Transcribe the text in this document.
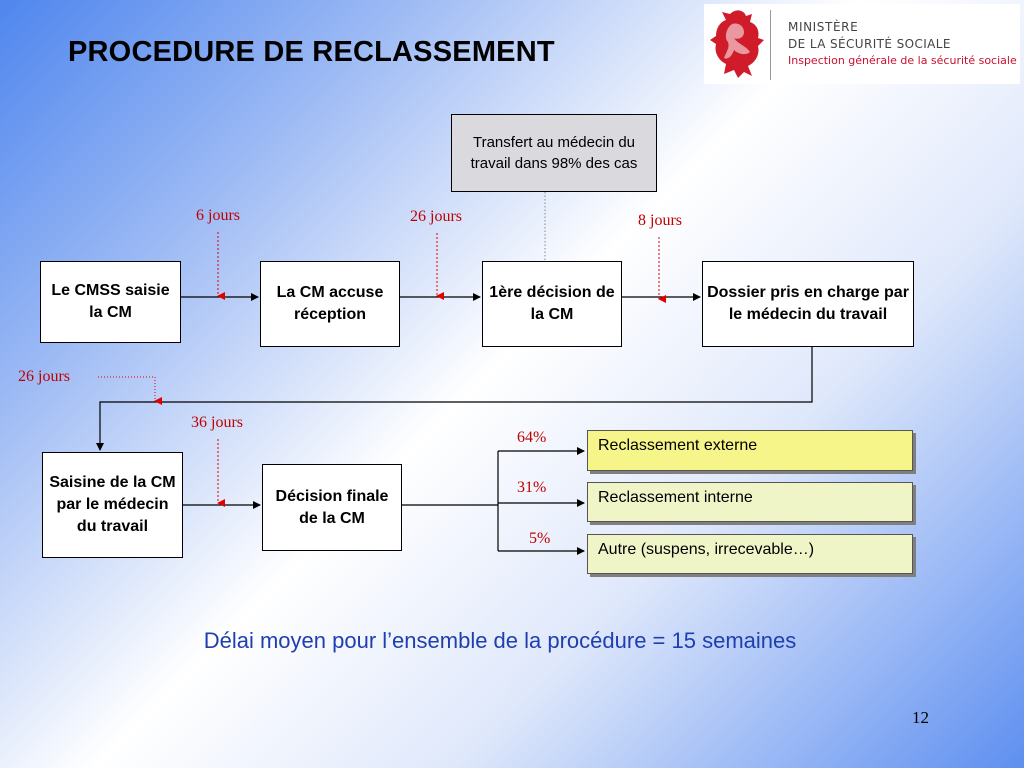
PROCEDURE DE RECLASSEMENT
MINISTÈRE
DE LA SÉCURITÉ SOCIALE
Inspection générale de la sécurité sociale
Transfert au médecin du travail dans 98% des cas
Le CMSS saisie la CM
La CM accuse réception
1ère décision de la CM
Dossier pris en charge par le médecin du travail
Saisine de la CM par le médecin du travail
Décision finale de la CM
Reclassement externe
Reclassement interne
Autre (suspens, irrecevable…)
6 jours	26 jours	8 jours
26 jours
36 jours
64%
31%
5%
Délai moyen pour l’ensemble de la procédure = 15 semaines
12
